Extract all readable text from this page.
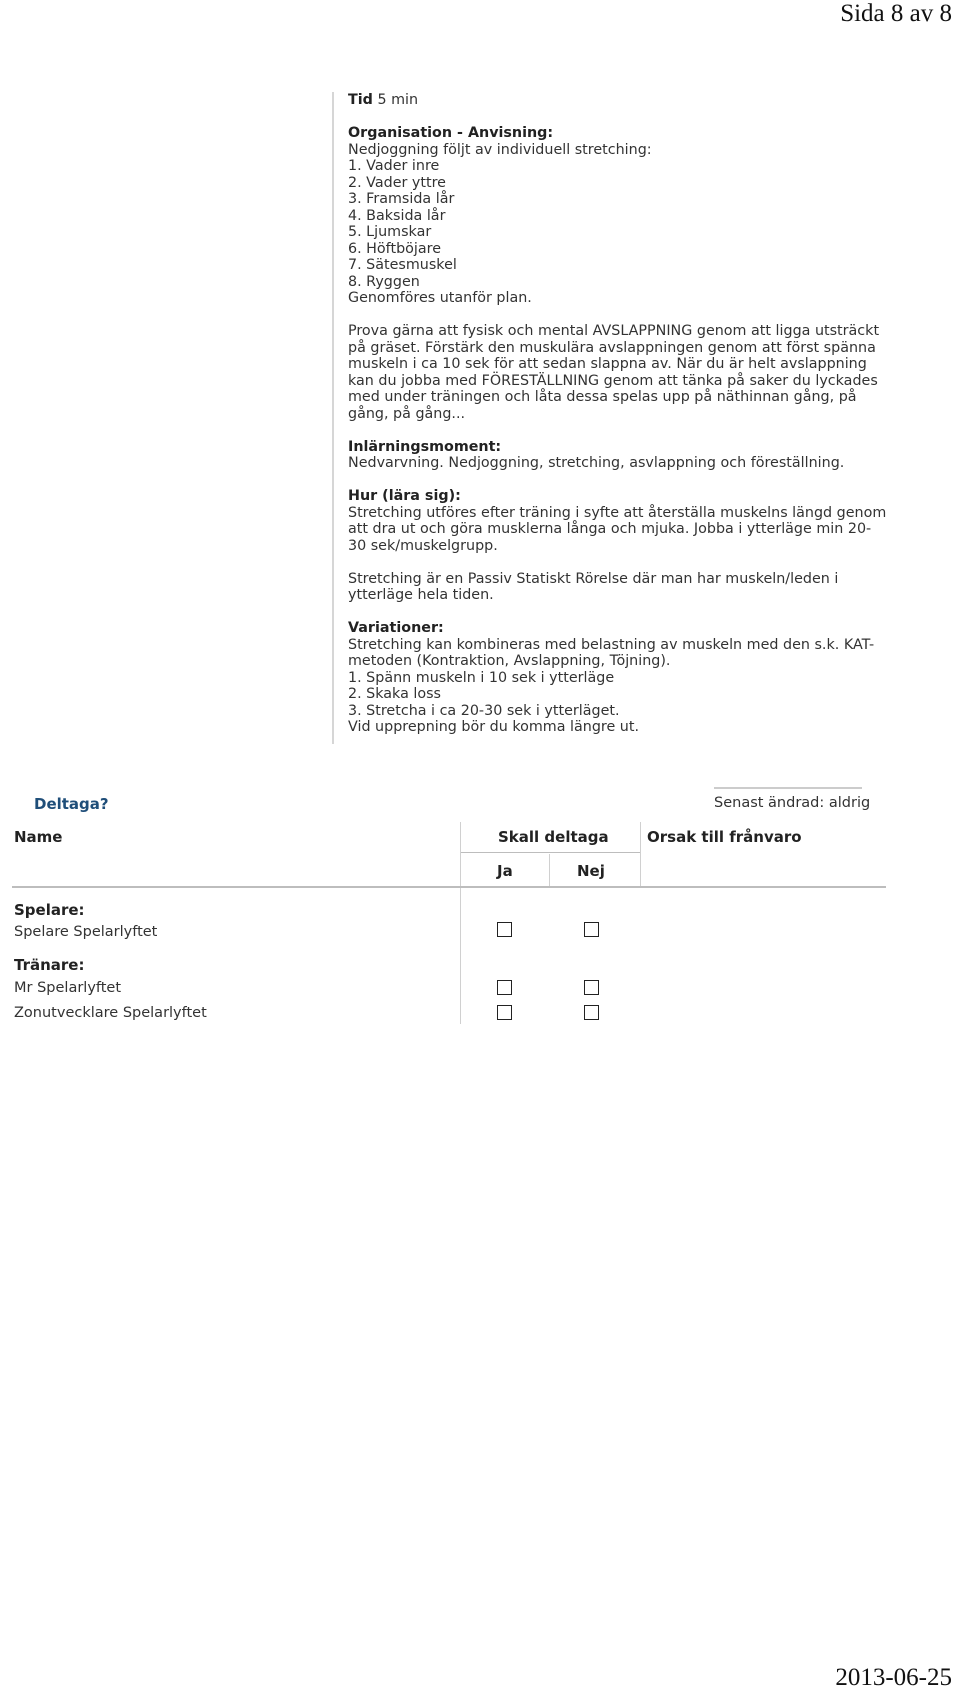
Sida 8 av 8

Tid 5 min

Organisation - Anvisning:

Nedjoggning följt av individuell stretching:

1. Vader inre
2. Vader yttre
3. Framsida lår
4. Baksida lår
5. Ljumskar
6. Höftböjare
7. Sätesmuskel
8. Ryggen

Genomföres utanför plan.

Prova gärna att fysisk och mental AVSLAPPNING genom att ligga utsträckt på gräset. Förstärk den muskulära avslappningen genom att först spänna muskeln i ca 10 sek för att sedan slappna av. När du är helt avslappning kan du jobba med FÖRESTÄLLNING genom att tänka på saker du lyckades med under träningen och låta dessa spelas upp på näthinnan gång, på gång, på gång...

Inlärningsmoment:

Nedvarvning. Nedjoggning, stretching, asvlappning och föreställning.

Hur (lära sig):

Stretching utföres efter träning i syfte att återställa muskelns längd genom att dra ut och göra musklerna långa och mjuka. Jobba i ytterläge min 20-30 sek/muskelgrupp.

Stretching är en Passiv Statiskt Rörelse där man har muskeln/leden i ytterläge hela tiden.

Variationer:

Stretching kan kombineras med belastning av muskeln med den s.k. KAT-metoden (Kontraktion, Avslappning, Töjning).

1. Spänn muskeln i 10 sek i ytterläge
2. Skaka loss
3. Stretcha i ca 20-30 sek i ytterläget.

Vid upprepning bör du komma längre ut.

Deltaga?	Senast ändrad: aldrig
Name	Skall deltaga	Orsak till frånvaro
Ja	Nej
Spelare:
Spelare Spelarlyftet
Tränare:
Mr Spelarlyftet
Zonutvecklare Spelarlyftet
2013-06-25
